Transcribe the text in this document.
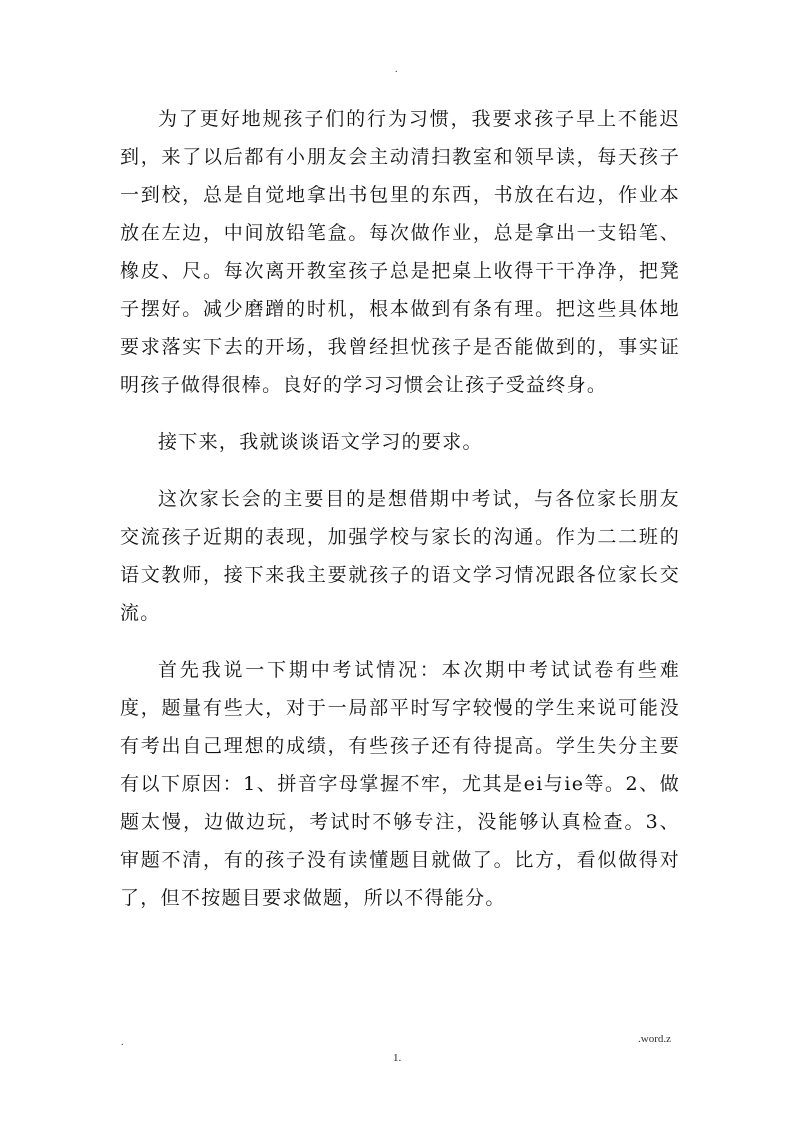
.

为了更好地规孩子们的行为习惯，我要求孩子早上不能迟到，来了以后都有小朋友会主动清扫教室和领早读，每天孩子一到校，总是自觉地拿出书包里的东西，书放在右边，作业本放在左边，中间放铅笔盒。每次做作业，总是拿出一支铅笔、橡皮、尺。每次离开教室孩子总是把桌上收得干干净净，把凳子摆好。减少磨蹭的时机，根本做到有条有理。把这些具体地要求落实下去的开场，我曾经担忧孩子是否能做到的，事实证明孩子做得很棒。良好的学习习惯会让孩子受益终身。

接下来，我就谈谈语文学习的要求。

这次家长会的主要目的是想借期中考试，与各位家长朋友交流孩子近期的表现，加强学校与家长的沟通。作为二二班的语文教师，接下来我主要就孩子的语文学习情况跟各位家长交流。

首先我说一下期中考试情况：本次期中考试试卷有些难度，题量有些大，对于一局部平时写字较慢的学生来说可能没有考出自己理想的成绩，有些孩子还有待提高。学生失分主要有以下原因：1、拼音字母掌握不牢，尤其是ei与ie等。2、做题太慢，边做边玩，考试时不够专注，没能够认真检查。3、审题不清，有的孩子没有读懂题目就做了。比方，看似做得对了，但不按题目要求做题，所以不得能分。

.
1.
.word.z
